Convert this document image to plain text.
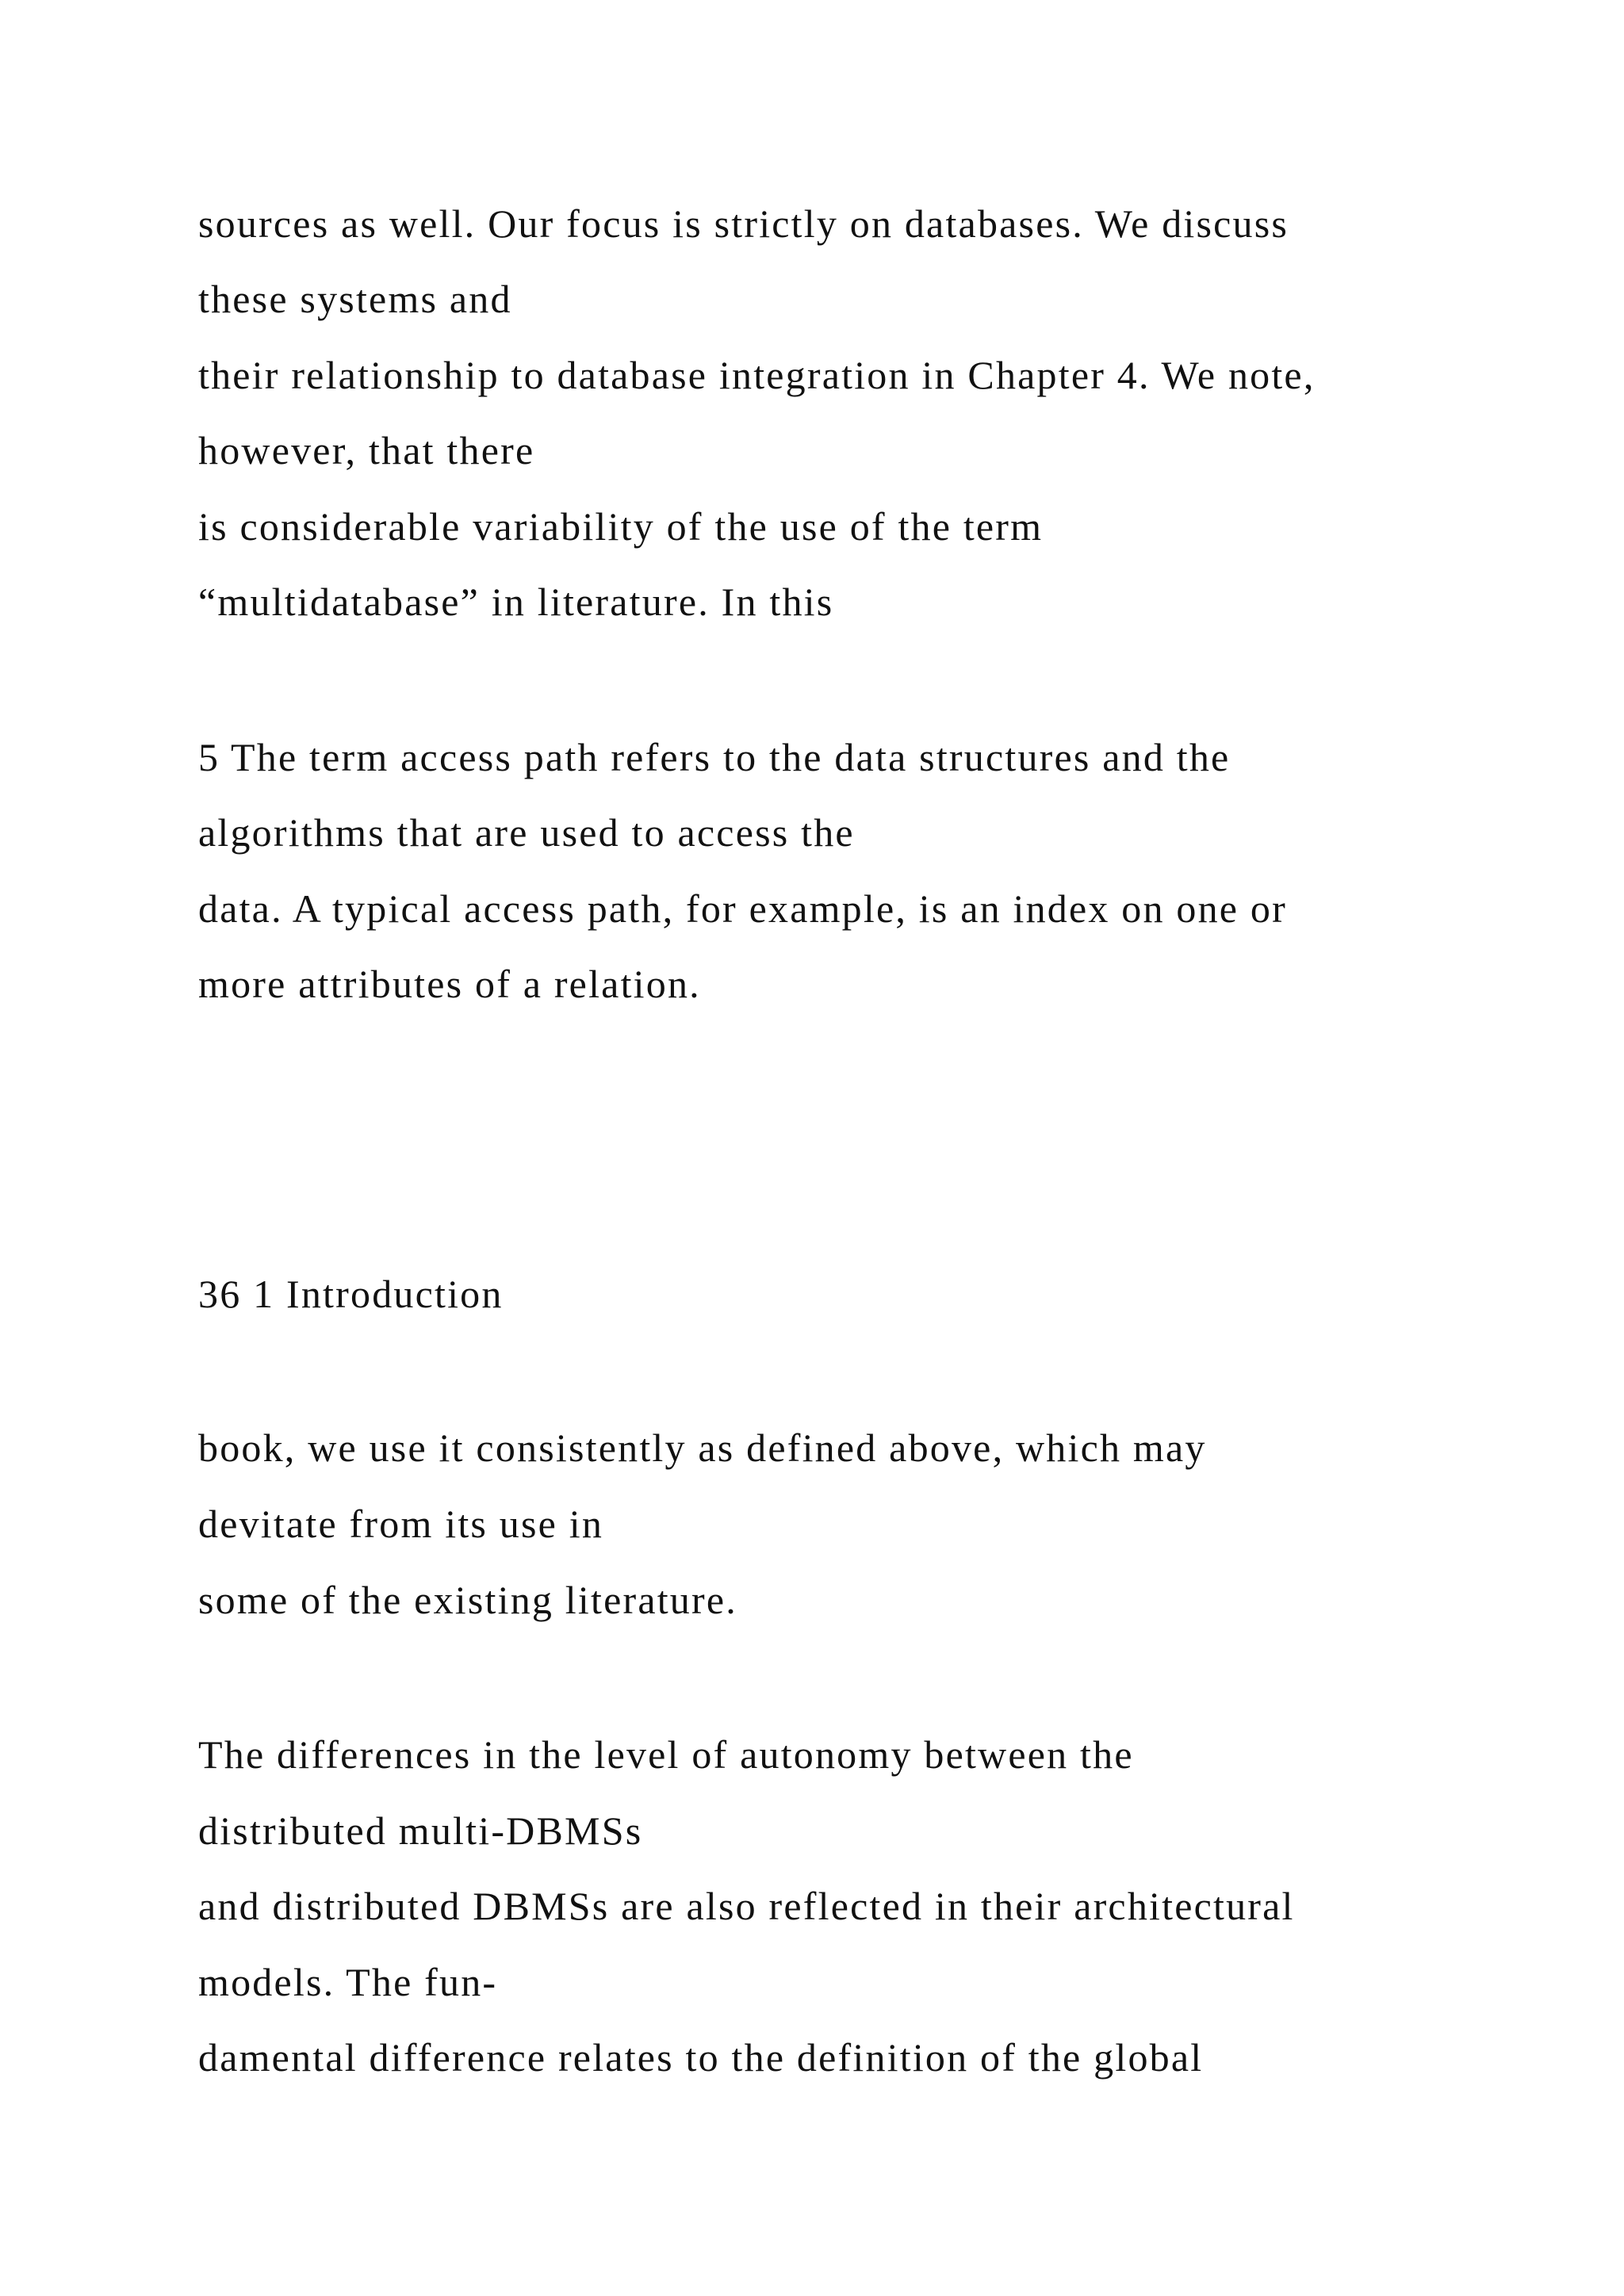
sources as well. Our focus is strictly on databases. We discuss
these systems and
their relationship to database integration in Chapter 4. We note,
however, that there
is considerable variability of the use of the term
“multidatabase” in literature. In this
5 The term access path refers to the data structures and the
algorithms that are used to access the
data. A typical access path, for example, is an index on one or
more attributes of a relation.
36 1 Introduction
book, we use it consistently as defined above, which may
devitate from its use in
some of the existing literature.
The differences in the level of autonomy between the
distributed multi-DBMSs
and distributed DBMSs are also reflected in their architectural
models. The fun-
damental difference relates to the definition of the global
